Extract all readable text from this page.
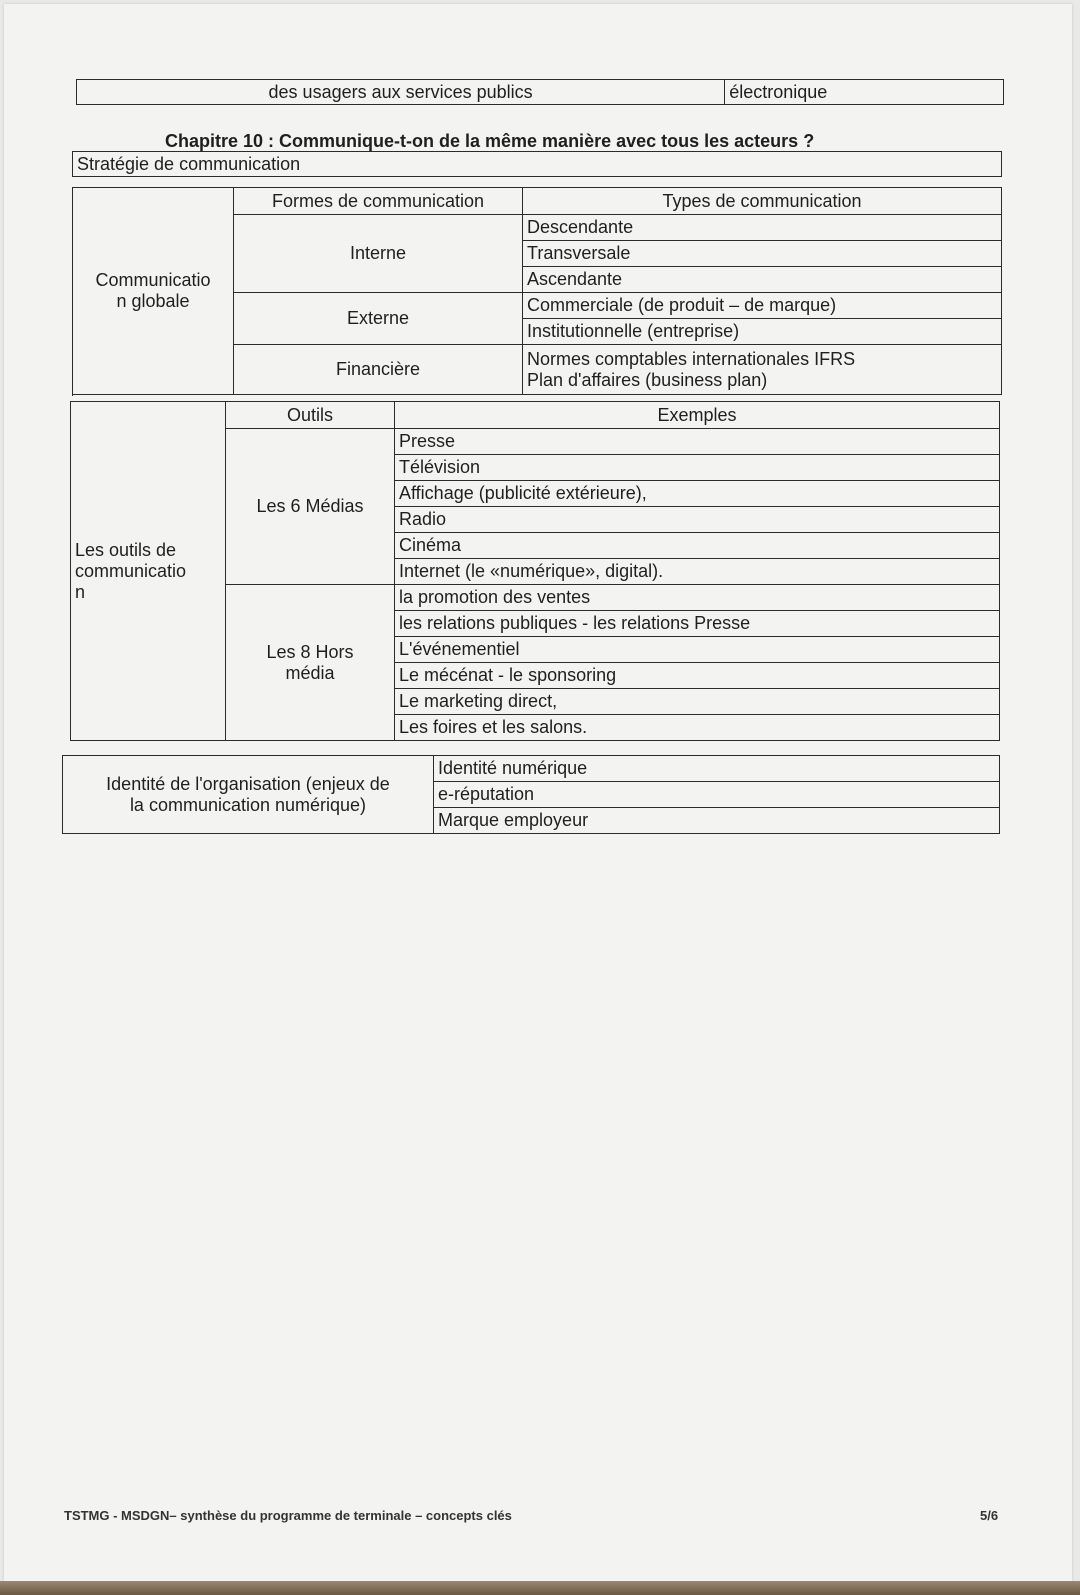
des usagers aux services publics	électronique
Chapitre 10 : Communique-t-on de la même manière avec tous les acteurs ?
Stratégie de communication
Communicatio
n globale	Formes de communication	Types de communication
	Interne	Descendante
		Transversale
		Ascendante
	Externe	Commerciale (de produit – de marque)
		Institutionnelle (entreprise)
	Financière	Normes comptables internationales IFRS
Plan d'affaires (business plan)

Les outils de
communicatio
n	Outils	Exemples
	Les 6 Médias	Presse
		Télévision
		Affichage (publicité extérieure),
		Radio
		Cinéma
		Internet (le «numérique», digital).
	Les 8 Hors
média	la promotion des ventes
		les relations publiques - les relations Presse
		L'événementiel
		Le mécénat - le sponsoring
		Le marketing direct,
		Les foires et les salons.
Identité de l'organisation (enjeux de
la communication numérique)	Identité numérique
e-réputation
Marque employeur
TSTMG - MSDGN– synthèse du programme de terminale – concepts clés	5/6
